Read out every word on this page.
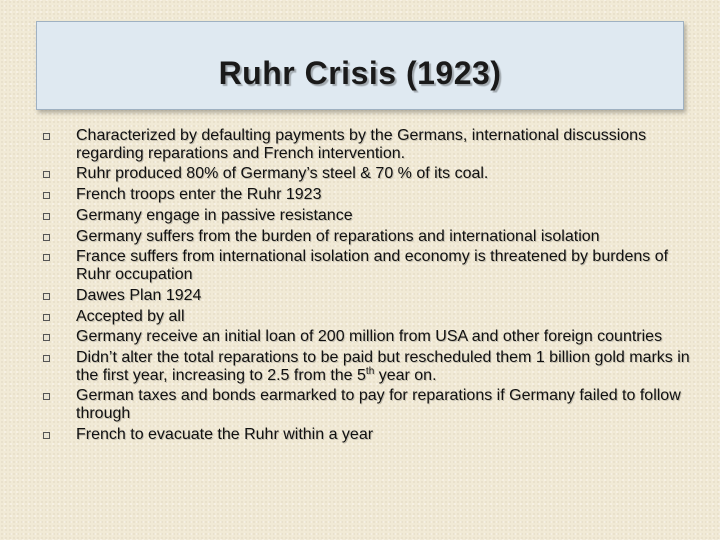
Ruhr Crisis (1923)
Characterized by defaulting payments by the Germans, international discussions regarding reparations and French intervention.
Ruhr produced 80% of Germany’s steel & 70 % of its coal.
French troops enter the Ruhr 1923
Germany engage in passive resistance
Germany suffers from the burden of reparations and international isolation
France suffers from international isolation and economy is threatened by burdens of Ruhr occupation
Dawes Plan 1924
Accepted by all
Germany receive an initial loan of 200 million from USA and other foreign countries
Didn’t alter the total reparations to be paid but rescheduled them 1 billion gold marks in the first year, increasing to 2.5 from the 5th year on.
German taxes and bonds earmarked to pay for reparations if Germany failed to follow through
French to evacuate the Ruhr within a year
